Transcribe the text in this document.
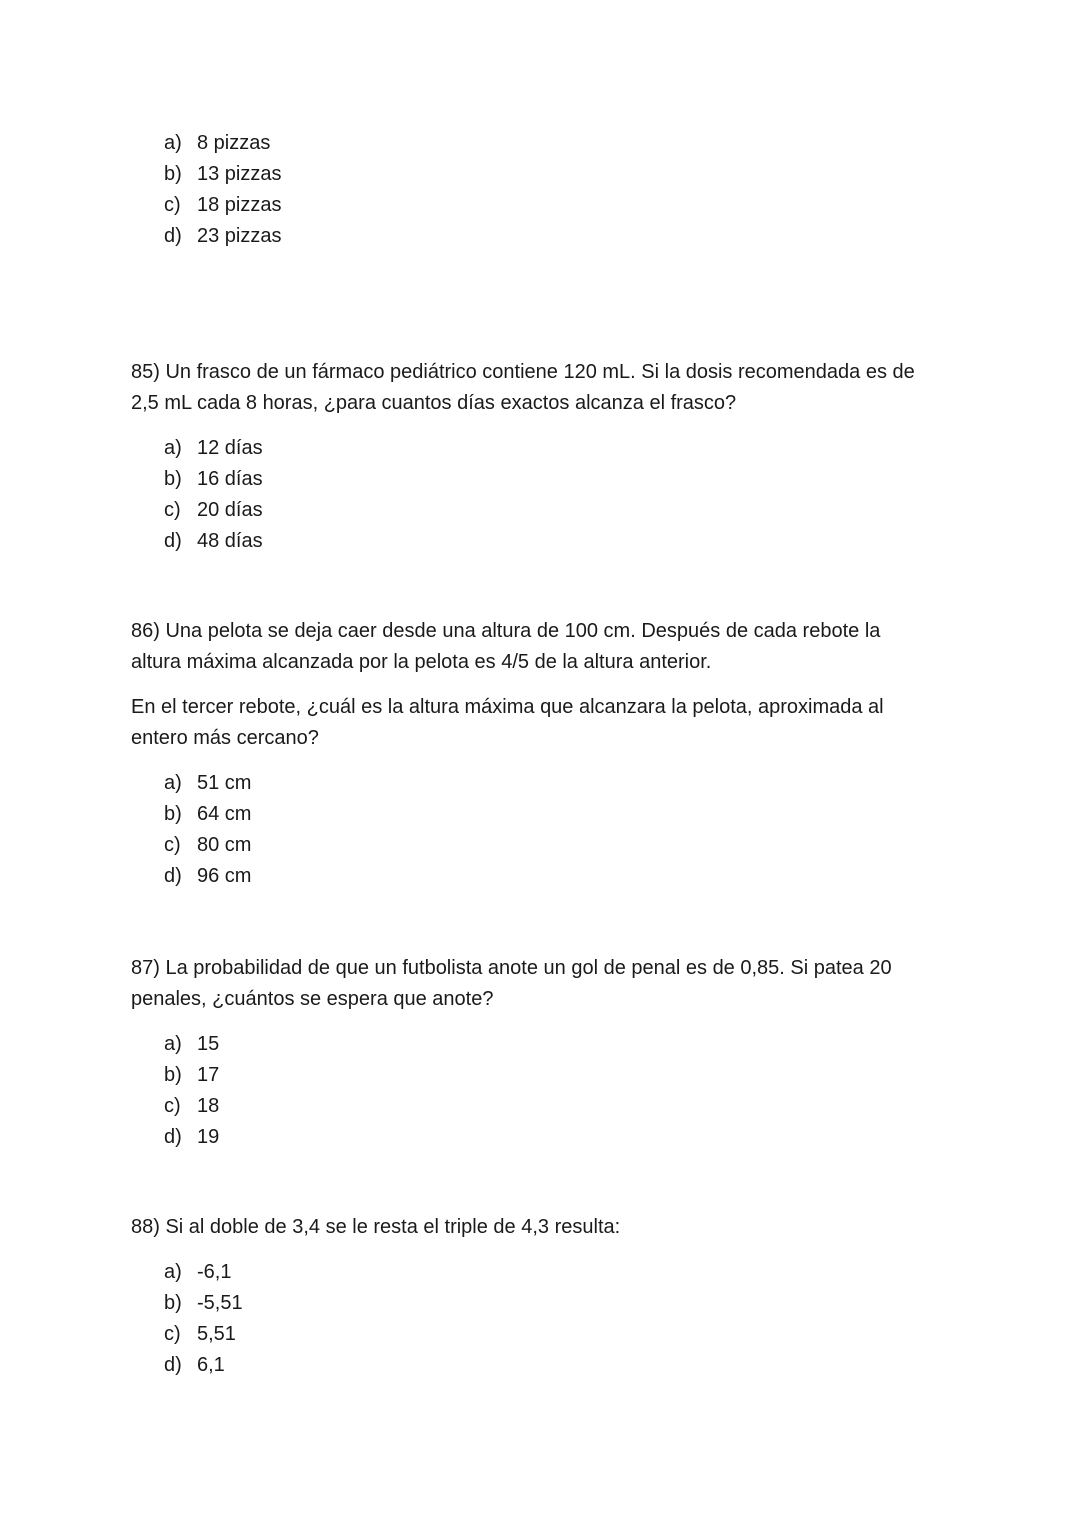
a) 8 pizzas
b) 13 pizzas
c) 18 pizzas
d) 23 pizzas

85) Un frasco de un fármaco pediátrico contiene 120 mL. Si la dosis recomendada es de 2,5 mL cada 8 horas, ¿para cuantos días exactos alcanza el frasco?

a) 12 días
b) 16 días
c) 20 días
d) 48 días

86) Una pelota se deja caer desde una altura de 100 cm. Después de cada rebote la altura máxima alcanzada por la pelota es 4/5 de la altura anterior.

En el tercer rebote, ¿cuál es la altura máxima que alcanzara la pelota, aproximada al entero más cercano?

a) 51 cm
b) 64 cm
c) 80 cm
d) 96 cm

87) La probabilidad de que un futbolista anote un gol de penal es de 0,85. Si patea 20 penales, ¿cuántos se espera que anote?

a) 15
b) 17
c) 18
d) 19

88) Si al doble de 3,4 se le resta el triple de 4,3 resulta:

a) -6,1
b) -5,51
c) 5,51
d) 6,1
